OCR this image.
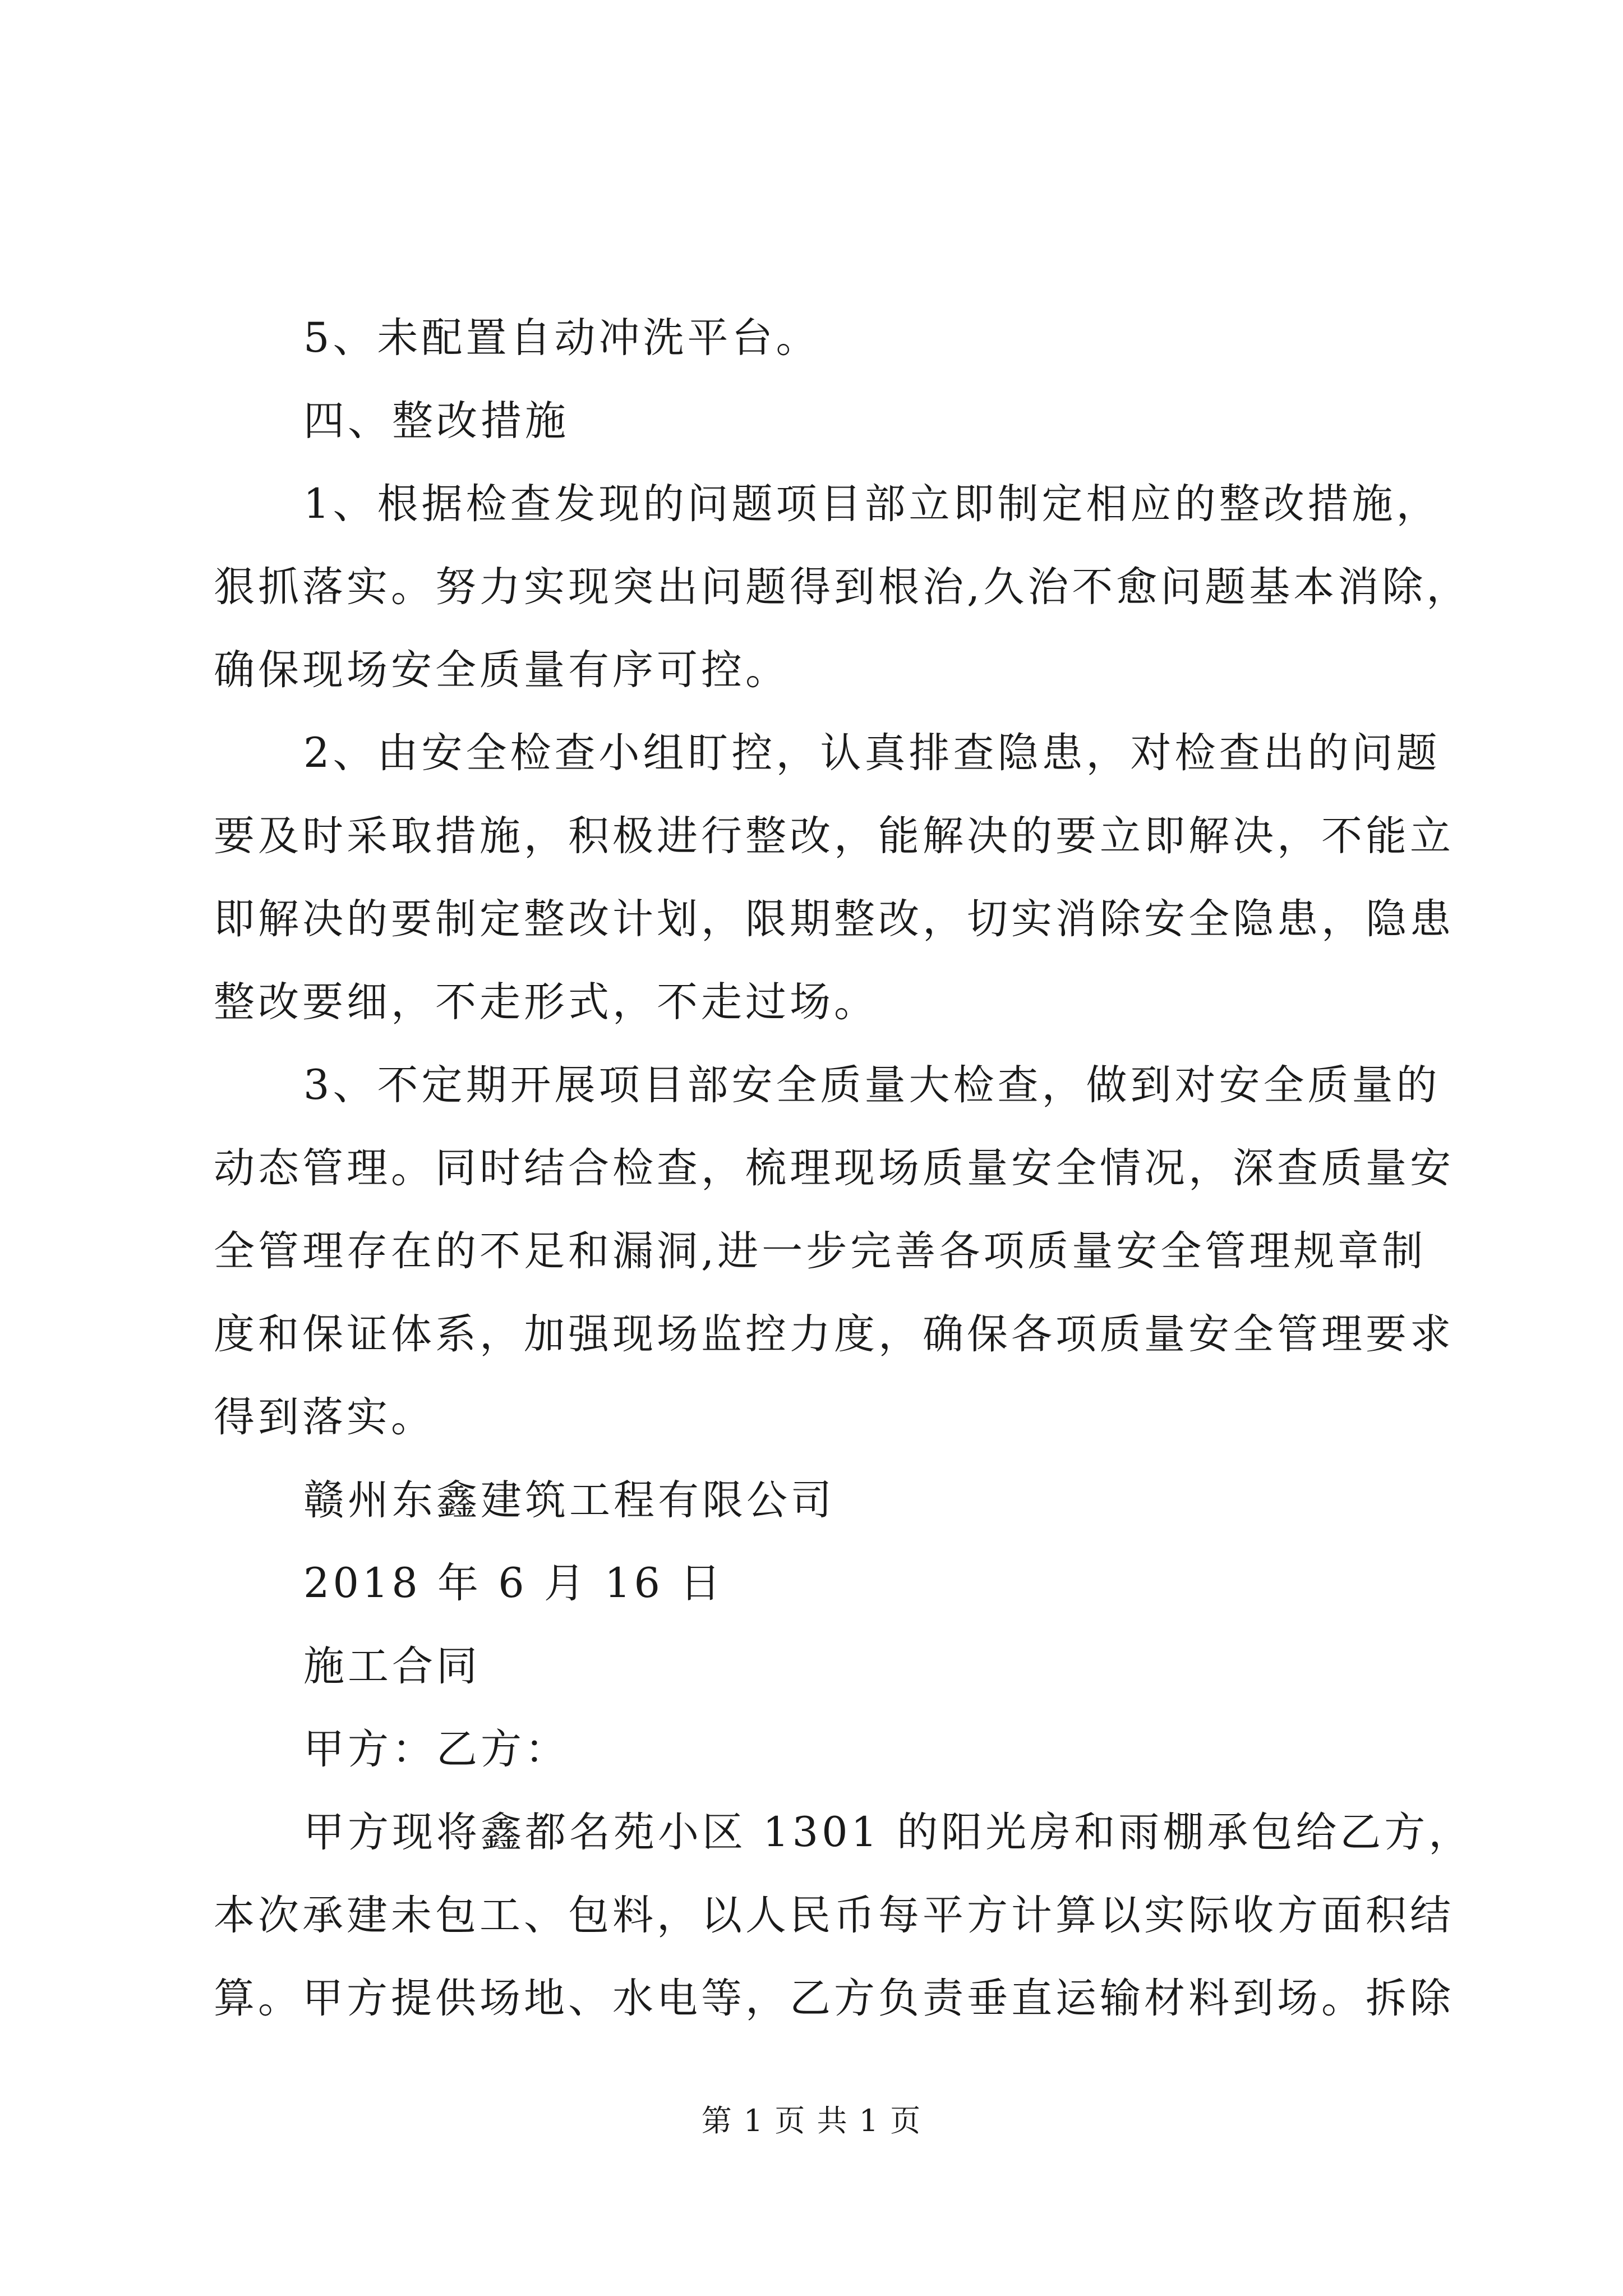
5、未配置自动冲洗平台。
四、整改措施
1、根据检查发现的问题项目部立即制定相应的整改措施，
狠抓落实。努力实现突出问题得到根治,久治不愈问题基本消除，
确保现场安全质量有序可控。
2、由安全检查小组盯控，认真排查隐患，对检查出的问题
要及时采取措施，积极进行整改，能解决的要立即解决，不能立
即解决的要制定整改计划，限期整改，切实消除安全隐患，隐患
整改要细，不走形式，不走过场。
3、不定期开展项目部安全质量大检查，做到对安全质量的
动态管理。同时结合检查，梳理现场质量安全情况，深查质量安
全管理存在的不足和漏洞,进一步完善各项质量安全管理规章制
度和保证体系，加强现场监控力度，确保各项质量安全管理要求
得到落实。
赣州东鑫建筑工程有限公司
2018 年 6 月 16 日
施工合同
甲方：乙方：
甲方现将鑫都名苑小区 1301 的阳光房和雨棚承包给乙方，
本次承建未包工、包料，以人民币每平方计算以实际收方面积结
算。甲方提供场地、水电等，乙方负责垂直运输材料到场。拆除
第 1 页 共 1 页
